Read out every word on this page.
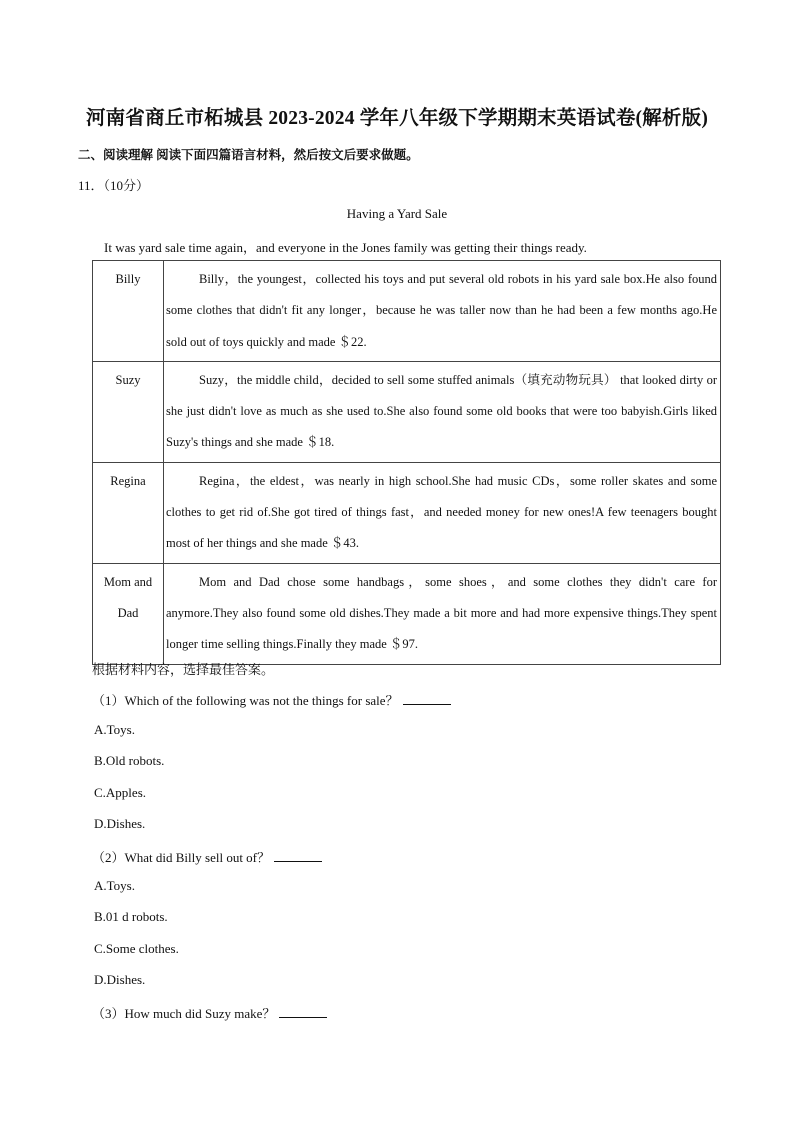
河南省商丘市柘城县 2023-2024 学年八年级下学期期末英语试卷(解析版)
二、阅读理解 阅读下面四篇语言材料，然后按文后要求做题。
11．（10分）
Having a Yard Sale
It was yard sale time again，and everyone in the Jones family was getting their things ready.
Billy	Billy，the youngest，collected his toys and put several old robots in his yard sale box.He also found some clothes that didn't fit any longer，because he was taller now than he had been a few months ago.He sold out of toys quickly and made ＄22.
Suzy	Suzy，the middle child，decided to sell some stuffed animals（填充动物玩具） that looked dirty or she just didn't love as much as she used to.She also found some old books that were too babyish.Girls liked Suzy's things and she made ＄18.
Regina	Regina，the eldest，was nearly in high school.She had music CDs，some roller skates and some clothes to get rid of.She got tired of things fast，and needed money for new ones!A few teenagers bought most of her things and she made ＄43.
Mom and Dad	Mom and Dad chose some handbags，some shoes，and some clothes they didn't care for anymore.They also found some old dishes.They made a bit more and had more expensive things.They spent longer time selling things.Finally they made ＄97.
根据材料内容，选择最佳答案。
（1）Which of the following was not the things for sale？
A.Toys.
B.Old robots.
C.Apples.
D.Dishes.
（2）What did Billy sell out of？
A.Toys.
B.01 d robots.
C.Some clothes.
D.Dishes.
（3）How much did Suzy make？
